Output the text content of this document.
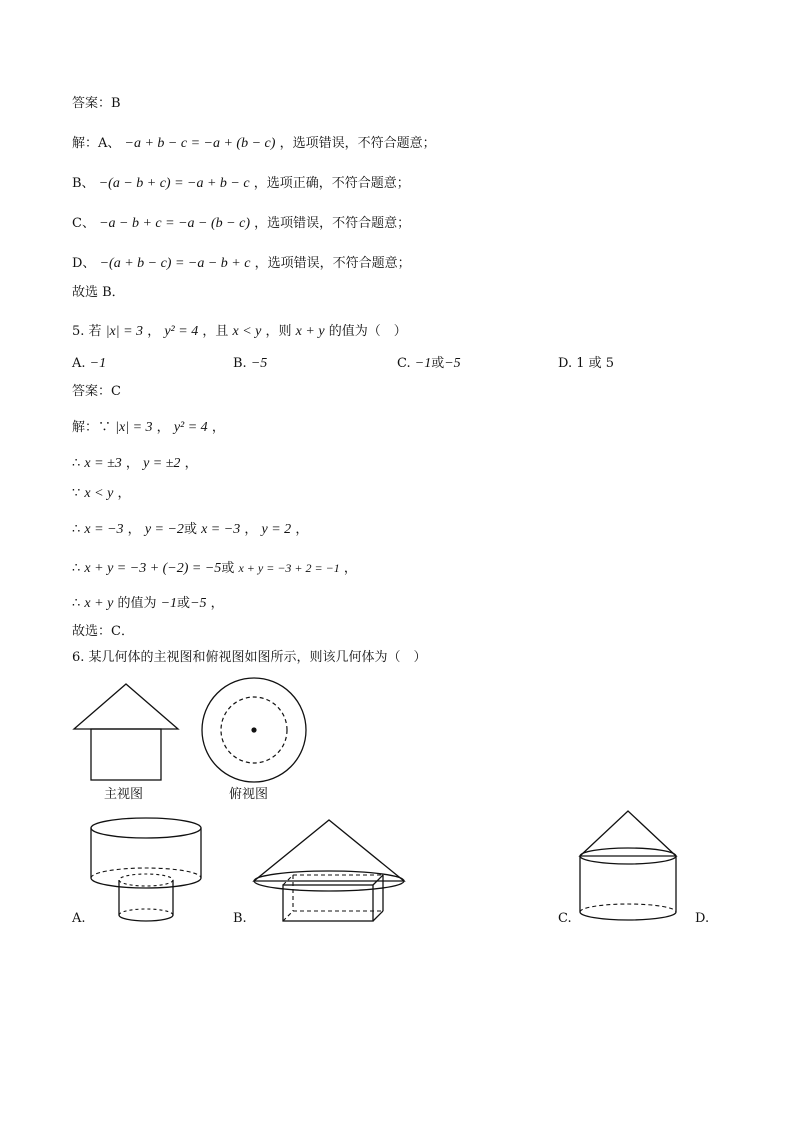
答案：B
解：A、 −a + b − c = −a + (b − c) ，选项错误，不符合题意；
B、 −(a − b + c) = −a + b − c ，选项正确，不符合题意；
C、 −a − b + c = −a − (b − c) ，选项错误，不符合题意；
D、 −(a + b − c) = −a − b + c ，选项错误，不符合题意；
故选 B．
5. 若 |x| = 3 ， y² = 4 ，且 x < y ，则 x + y 的值为（　）
A. −1	B. −5	C. −1或−5	D. 1 或 5
答案：C
解：∵ |x| = 3 ， y² = 4 ，
∴ x = ±3 ， y = ±2 ，
∵ x < y ，
∴ x = −3 ， y = −2或 x = −3 ， y = 2 ，
∴ x + y = −3 + (−2) = −5或 x + y = −3 + 2 = −1 ，
∴ x + y 的值为 −1或−5 ，
故选：C．
6. 某几何体的主视图和俯视图如图所示，则该几何体为（　）
主视图	俯视图
A.	B.	C.	D.
